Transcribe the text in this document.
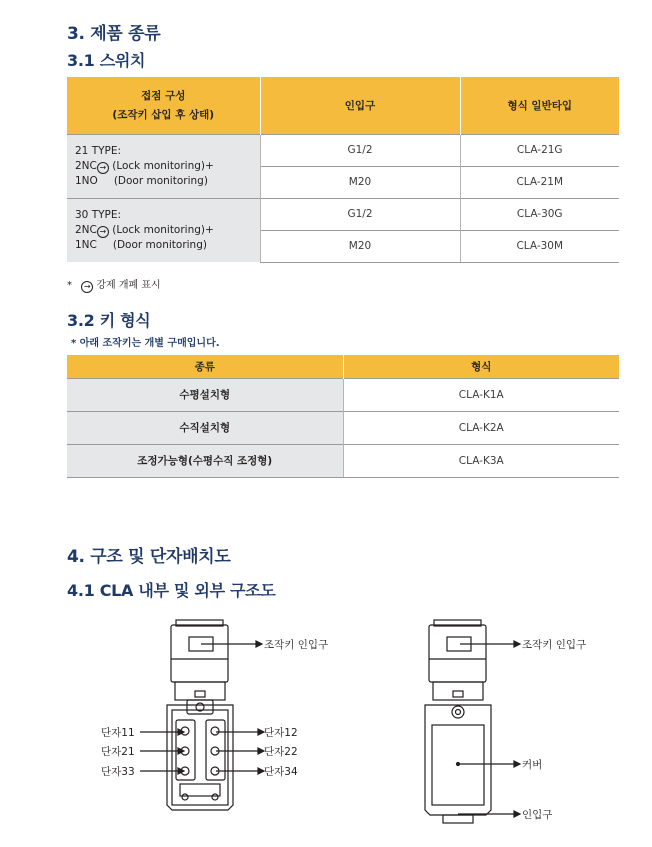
3. 제품 종류
3.1 스위치
접점 구성
(조작키 삽입 후 상태)	인입구	형식 일반타입

21 TYPE:
2NC → (Lock monitoring)+
1NO (Door monitoring)	G1/2	CLA-21G
	M20	CLA-21M

30 TYPE:
2NC → (Lock monitoring)+
1NC (Door monitoring)	G1/2	CLA-30G
	M20	CLA-30M
* → 강제 개폐 표시
3.2 키 형식
* 아래 조작키는 개별 구매입니다.
종류	형식
수평설치형	CLA-K1A
수직설치형	CLA-K2A
조정가능형(수평수직 조정형)	CLA-K3A
4. 구조 및 단자배치도
4.1 CLA 내부 및 외부 구조도
조작키 인입구
단자11
단자21
단자33
단자12
단자22
단자34
조작키 인입구
커버
인입구
